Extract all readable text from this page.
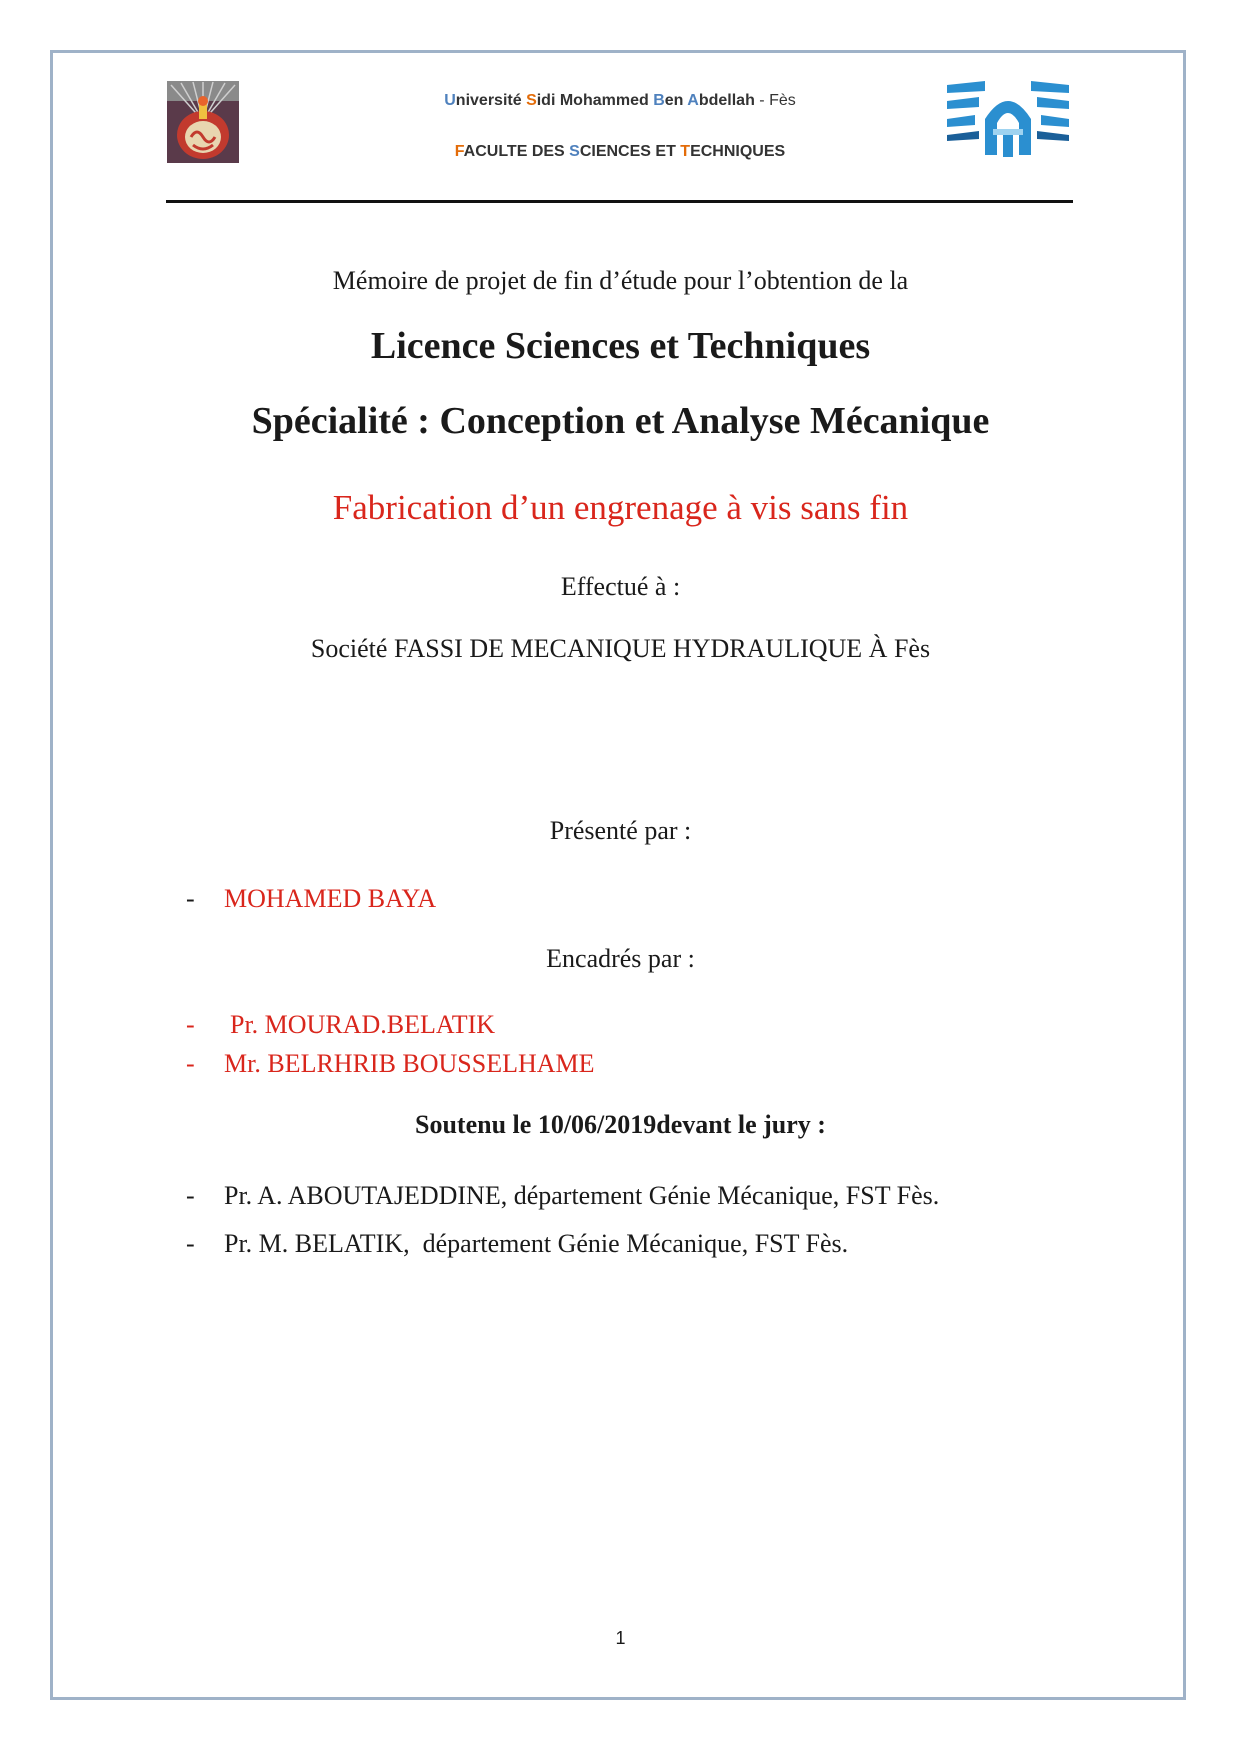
Université Sidi Mohammed Ben Abdellah - Fès
FACULTE DES SCIENCES ET TECHNIQUES
Mémoire de projet de fin d’étude pour l’obtention de la
Licence Sciences et Techniques
Spécialité : Conception et Analyse Mécanique
Fabrication d’un engrenage à vis sans fin
Effectué à :
Société FASSI DE MECANIQUE HYDRAULIQUE À Fès
Présenté par :
- MOHAMED BAYA
Encadrés par :
- Pr. MOURAD.BELATIK
- Mr. BELRHRIB BOUSSELHAME
Soutenu le 10/06/2019devant le jury :
- Pr. A. ABOUTAJEDDINE, département Génie Mécanique, FST Fès.
- Pr. M. BELATIK,  département Génie Mécanique, FST Fès.
1
